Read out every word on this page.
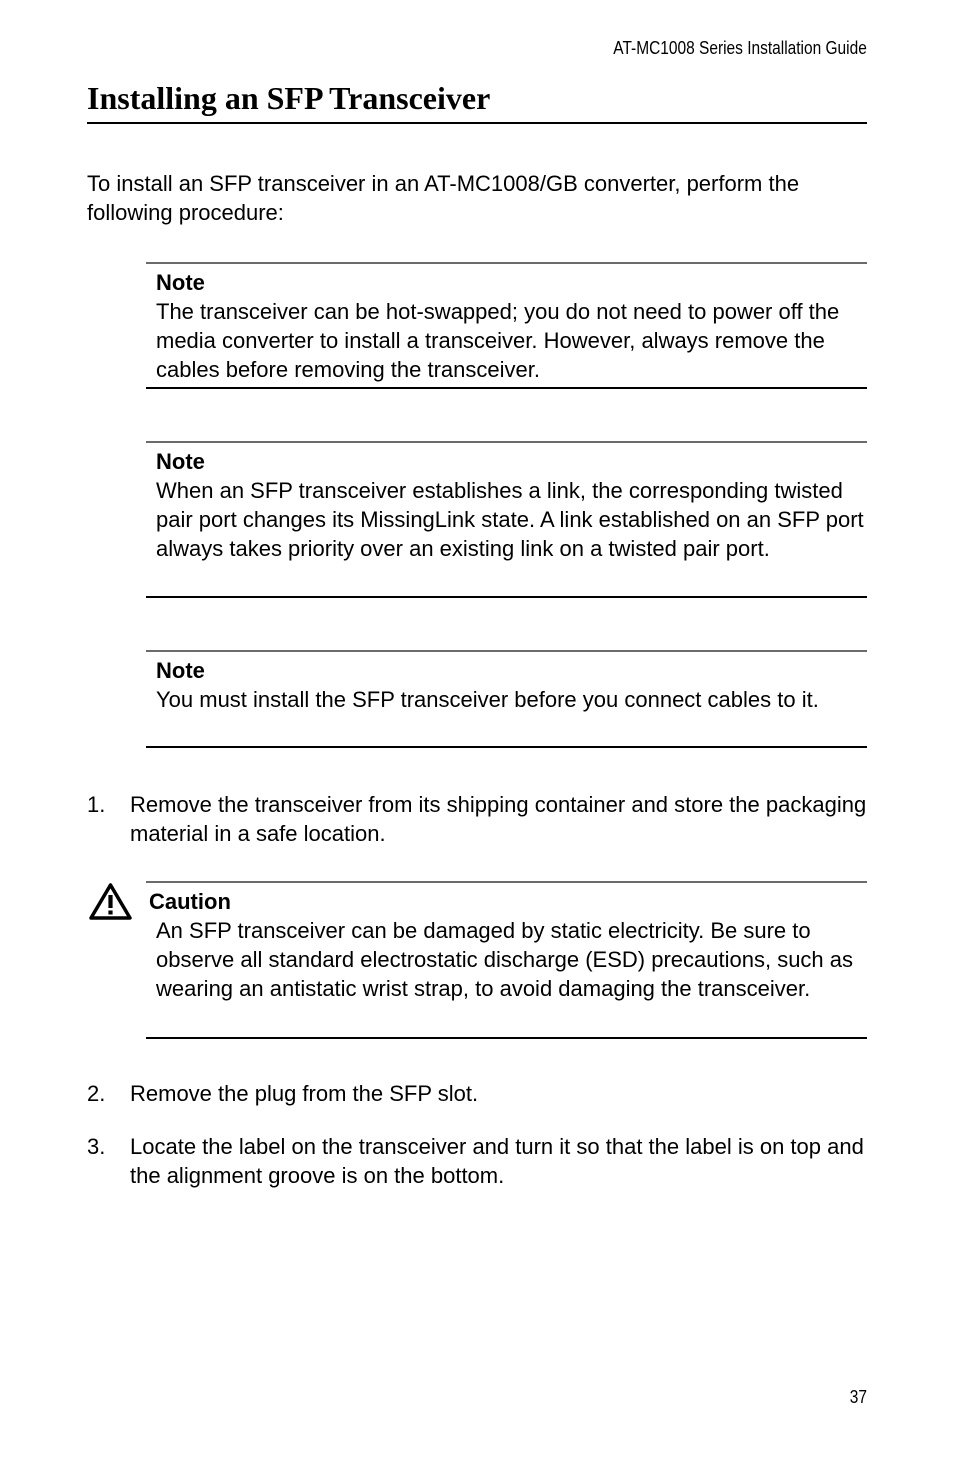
AT-MC1008 Series Installation Guide
Installing an SFP Transceiver

To install an SFP transceiver in an AT-MC1008/GB converter, perform the following procedure:

Note

The transceiver can be hot-swapped; you do not need to power off the media converter to install a transceiver. However, always remove the cables before removing the transceiver.

Note

When an SFP transceiver establishes a link, the corresponding twisted pair port changes its MissingLink state. A link established on an SFP port always takes priority over an existing link on a twisted pair port.

Note

You must install the SFP transceiver before you connect cables to it.

1. Remove the transceiver from its shipping container and store the packaging material in a safe location.
Caution

An SFP transceiver can be damaged by static electricity. Be sure to observe all standard electrostatic discharge (ESD) precautions, such as wearing an antistatic wrist strap, to avoid damaging the transceiver.

2. Remove the plug from the SFP slot.
3. Locate the label on the transceiver and turn it so that the label is on top and the alignment groove is on the bottom.
37
